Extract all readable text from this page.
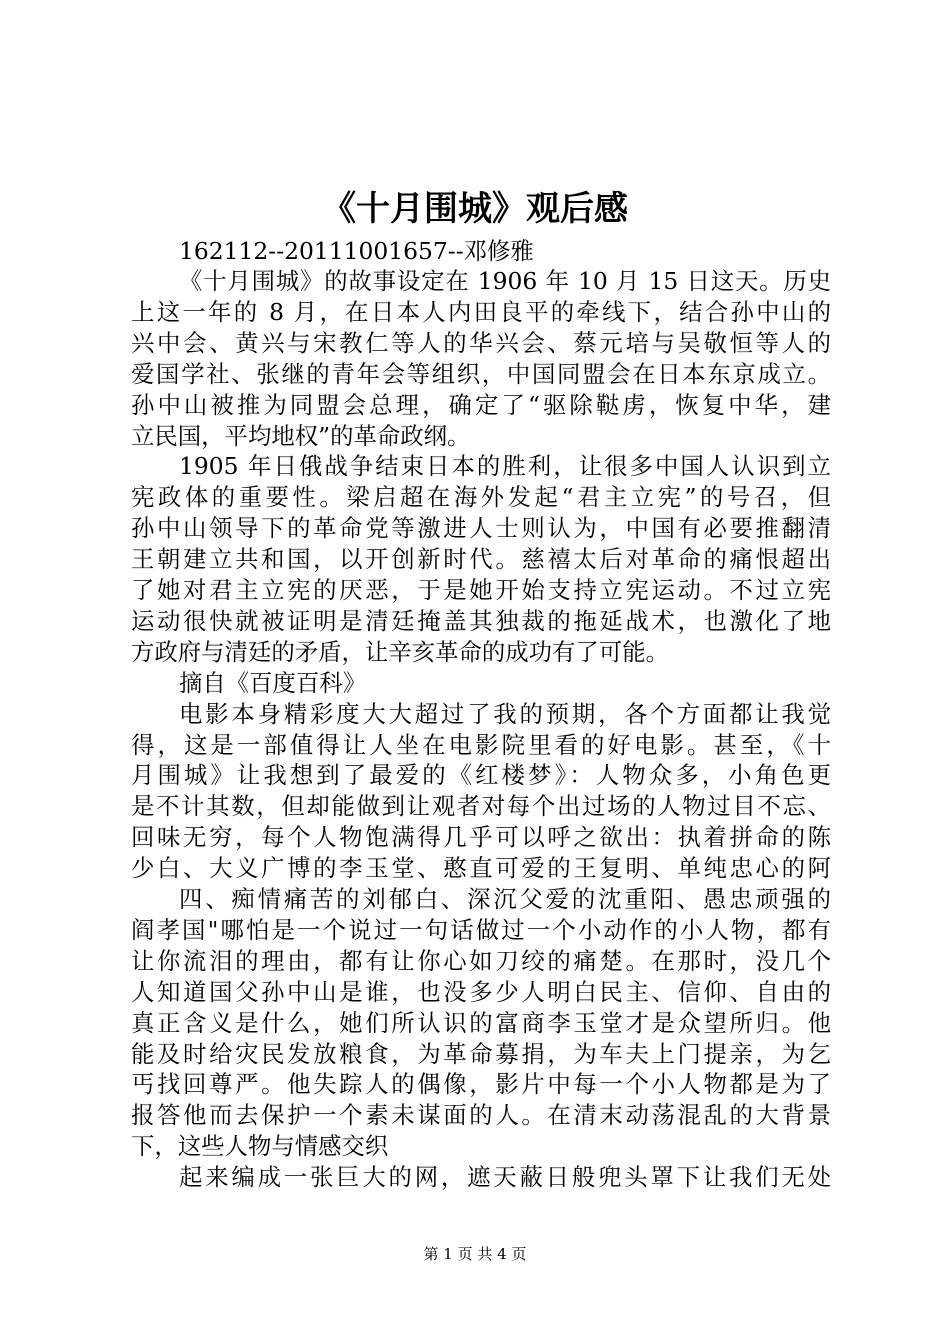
《十月围城》观后感
162112--20111001657--邓修雅
《十月围城》的故事设定在 1906 年 10 月 15 日这天。历史
上这一年的 8 月，在日本人内田良平的牵线下，结合孙中山的
兴中会、黄兴与宋教仁等人的华兴会、蔡元培与吴敬恒等人的
爱国学社、张继的青年会等组织，中国同盟会在日本东京成立。
孙中山被推为同盟会总理，确定了“驱除鞑虏，恢复中华，建
立民国，平均地权”的革命政纲。
1905 年日俄战争结束日本的胜利，让很多中国人认识到立
宪政体的重要性。梁启超在海外发起“君主立宪”的号召，但
孙中山领导下的革命党等激进人士则认为，中国有必要推翻清
王朝建立共和国，以开创新时代。慈禧太后对革命的痛恨超出
了她对君主立宪的厌恶，于是她开始支持立宪运动。不过立宪
运动很快就被证明是清廷掩盖其独裁的拖延战术，也激化了地
方政府与清廷的矛盾，让辛亥革命的成功有了可能。
摘自《百度百科》
电影本身精彩度大大超过了我的预期，各个方面都让我觉
得，这是一部值得让人坐在电影院里看的好电影。甚至，《十
月围城》让我想到了最爱的《红楼梦》：人物众多，小角色更
是不计其数，但却能做到让观者对每个出过场的人物过目不忘、
回味无穷，每个人物饱满得几乎可以呼之欲出：执着拼命的陈
少白、大义广博的李玉堂、憨直可爱的王复明、单纯忠心的阿
四、痴情痛苦的刘郁白、深沉父爱的沈重阳、愚忠顽强的
阎孝国"哪怕是一个说过一句话做过一个小动作的小人物，都有
让你流泪的理由，都有让你心如刀绞的痛楚。在那时，没几个
人知道国父孙中山是谁，也没多少人明白民主、信仰、自由的
真正含义是什么，她们所认识的富商李玉堂才是众望所归。他
能及时给灾民发放粮食，为革命募捐，为车夫上门提亲，为乞
丐找回尊严。他失踪人的偶像，影片中每一个小人物都是为了
报答他而去保护一个素未谋面的人。在清末动荡混乱的大背景
下，这些人物与情感交织
起来编成一张巨大的网，遮天蔽日般兜头罩下让我们无处
第 1 页 共 4 页
